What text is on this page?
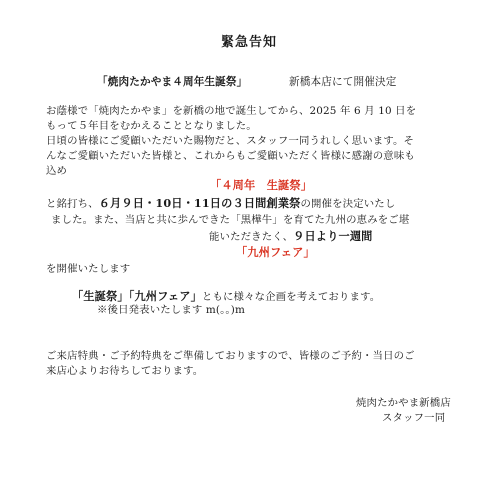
緊急告知
「焼肉たかやま４周年生誕祭」	新橋本店にて開催決定
お蔭様で「焼肉たかやま」を新橋の地で誕生してから、2025 年 6 月 10 日を
もって５年目をむかえることとなりました。
日頃の皆様にご愛顧いただいた賜物だと、スタッフ一同うれしく思います。そ
んなご愛顧いただいた皆様と、これからもご愛顧いただく皆様に感謝の意味も
込め
「４周年　生誕祭」
と銘打ち、６月９日・10日・11日の３日間創業祭の開催を決定いたし
ました。また、当店と共に歩んできた「黒樺牛」を育てた九州の恵みをご堪
能いただきたく、９日より一週間
「九州フェア」
を開催いたします
「生誕祭」「九州フェア」ともに様々な企画を考えております。
※後日発表いたします m(。。)m
ご来店特典・ご予約特典をご準備しておりますので、皆様のご予約・当日のご
来店心よりお待ちしております。
焼肉たかやま新橋店
スタッフ一同
